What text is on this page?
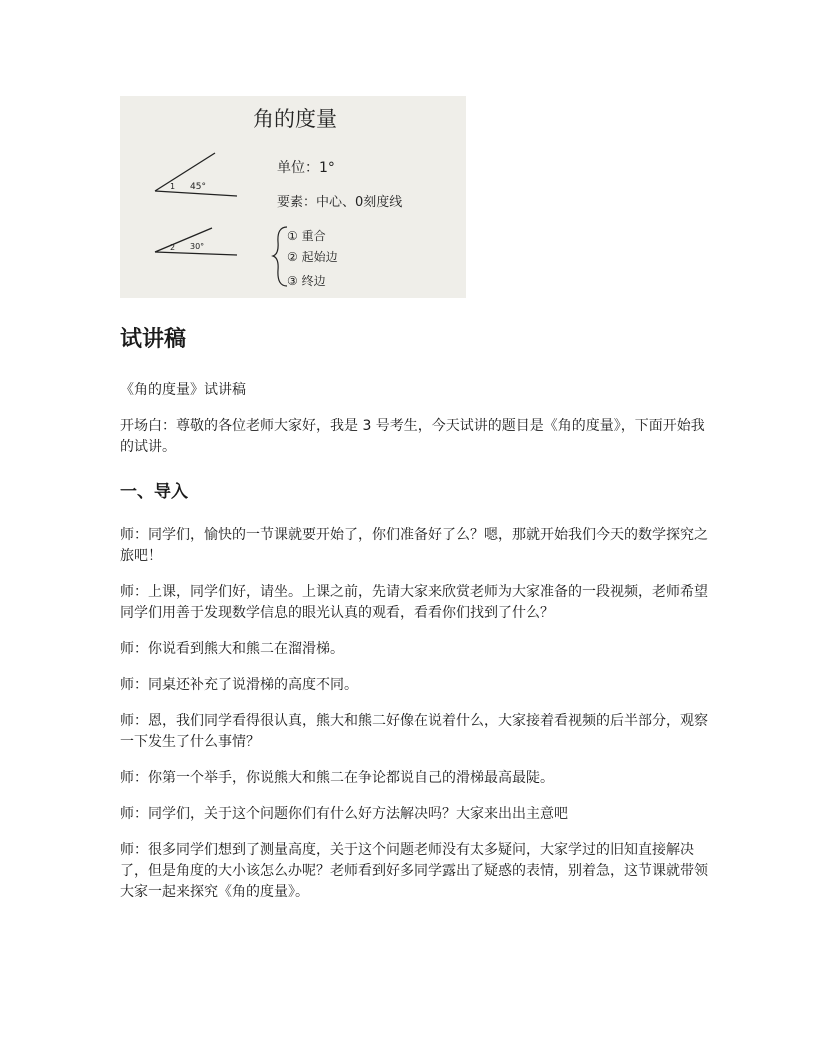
角的度量
1 45°
2 30°
单位：1°
要素：中心、0刻度线
① 重合
② 起始边
③ 终边
试讲稿

《角的度量》试讲稿

开场白：尊敬的各位老师大家好，我是 3 号考生，今天试讲的题目是《角的度量》，下面开始我的试讲。

一、导入

师：同学们，愉快的一节课就要开始了，你们准备好了么？嗯，那就开始我们今天的数学探究之旅吧！

师：上课，同学们好，请坐。上课之前，先请大家来欣赏老师为大家准备的一段视频，老师希望同学们用善于发现数学信息的眼光认真的观看，看看你们找到了什么？

师：你说看到熊大和熊二在溜滑梯。

师：同桌还补充了说滑梯的高度不同。

师：恩，我们同学看得很认真，熊大和熊二好像在说着什么，大家接着看视频的后半部分，观察一下发生了什么事情？

师：你第一个举手，你说熊大和熊二在争论都说自己的滑梯最高最陡。

师：同学们，关于这个问题你们有什么好方法解决吗？大家来出出主意吧

师：很多同学们想到了测量高度，关于这个问题老师没有太多疑问，大家学过的旧知直接解决了，但是角度的大小该怎么办呢？老师看到好多同学露出了疑惑的表情，别着急，这节课就带领大家一起来探究《角的度量》。
